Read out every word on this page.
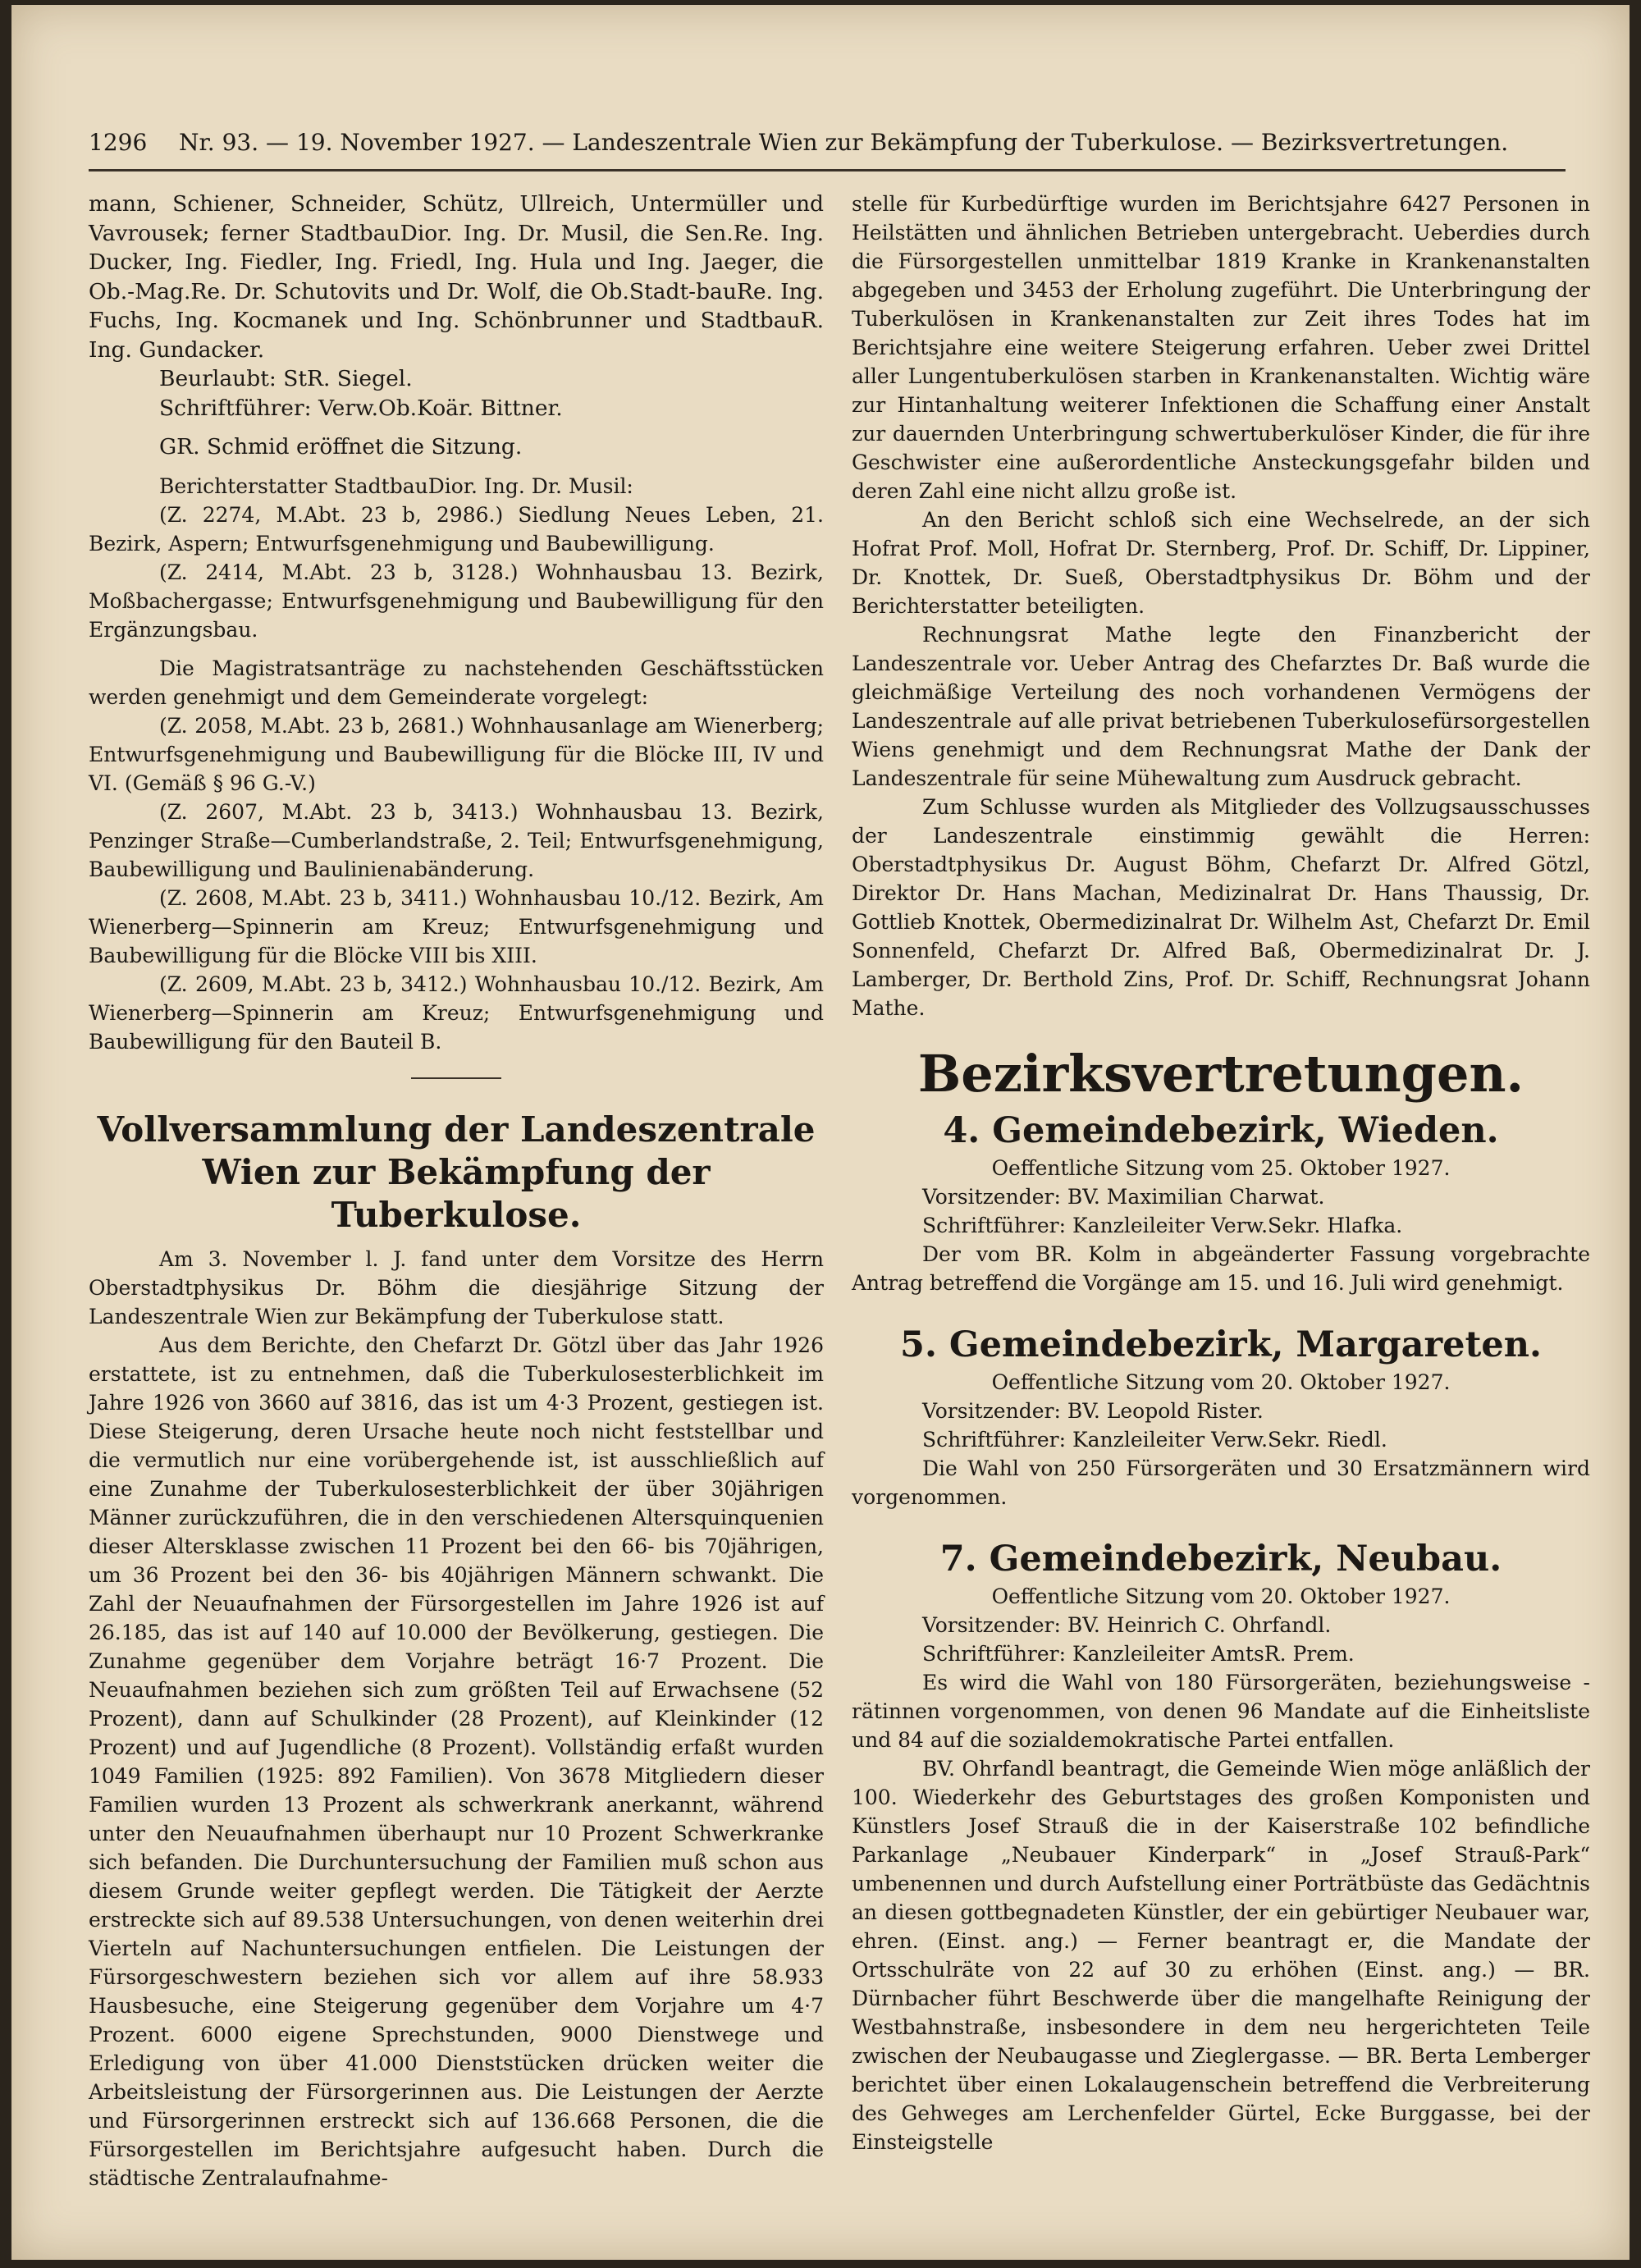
1296 Nr. 93. — 19. November 1927. — Landeszentrale Wien zur Bekämpfung der Tuberkulose. — Bezirksvertretungen.

mann, Schiener, Schneider, Schütz, Ullreich, Untermüller und Vavrousek; ferner StadtbauDior. Ing. Dr. Musil, die Sen.Re. Ing. Ducker, Ing. Fiedler, Ing. Friedl, Ing. Hula und Ing. Jaeger, die Ob.-Mag.Re. Dr. Schutovits und Dr. Wolf, die Ob.Stadt-bauRe. Ing. Fuchs, Ing. Kocmanek und Ing. Schönbrunner und StadtbauR. Ing. Gundacker.

Beurlaubt: StR. Siegel.

Schriftführer: Verw.Ob.Koär. Bittner.

GR. Schmid eröffnet die Sitzung.

Berichterstatter StadtbauDior. Ing. Dr. Musil:

(Z. 2274, M.Abt. 23 b, 2986.) Siedlung Neues Leben, 21. Bezirk, Aspern; Entwurfsgenehmigung und Baubewilligung.

(Z. 2414, M.Abt. 23 b, 3128.) Wohnhausbau 13. Bezirk, Moßbachergasse; Entwurfsgenehmigung und Baubewilligung für den Ergänzungsbau.

Die Magistratsanträge zu nachstehenden Geschäftsstücken werden genehmigt und dem Gemeinderate vorgelegt:

(Z. 2058, M.Abt. 23 b, 2681.) Wohnhausanlage am Wienerberg; Entwurfsgenehmigung und Baubewilligung für die Blöcke III, IV und VI. (Gemäß § 96 G.-V.)

(Z. 2607, M.Abt. 23 b, 3413.) Wohnhausbau 13. Bezirk, Penzinger Straße—Cumberlandstraße, 2. Teil; Entwurfsgenehmigung, Baubewilligung und Baulinienabänderung.

(Z. 2608, M.Abt. 23 b, 3411.) Wohnhausbau 10./12. Bezirk, Am Wienerberg—Spinnerin am Kreuz; Entwurfsgenehmigung und Baubewilligung für die Blöcke VIII bis XIII.

(Z. 2609, M.Abt. 23 b, 3412.) Wohnhausbau 10./12. Bezirk, Am Wienerberg—Spinnerin am Kreuz; Entwurfsgenehmigung und Baubewilligung für den Bauteil B.

Vollversammlung der Landeszentrale Wien zur Bekämpfung der Tuberkulose.

Am 3. November l. J. fand unter dem Vorsitze des Herrn Oberstadtphysikus Dr. Böhm die diesjährige Sitzung der Landeszentrale Wien zur Bekämpfung der Tuberkulose statt.

Aus dem Berichte, den Chefarzt Dr. Götzl über das Jahr 1926 erstattete, ist zu entnehmen, daß die Tuberkulosesterblichkeit im Jahre 1926 von 3660 auf 3816, das ist um 4·3 Prozent, gestiegen ist. Diese Steigerung, deren Ursache heute noch nicht feststellbar und die vermutlich nur eine vorübergehende ist, ist ausschließlich auf eine Zunahme der Tuberkulosesterblichkeit der über 30jährigen Männer zurückzuführen, die in den verschiedenen Altersquinquenien dieser Altersklasse zwischen 11 Prozent bei den 66- bis 70jährigen, um 36 Prozent bei den 36- bis 40jährigen Männern schwankt. Die Zahl der Neuaufnahmen der Fürsorgestellen im Jahre 1926 ist auf 26.185, das ist auf 140 auf 10.000 der Bevölkerung, gestiegen. Die Zunahme gegenüber dem Vorjahre beträgt 16·7 Prozent. Die Neuaufnahmen beziehen sich zum größten Teil auf Erwachsene (52 Prozent), dann auf Schulkinder (28 Prozent), auf Kleinkinder (12 Prozent) und auf Jugendliche (8 Prozent). Vollständig erfaßt wurden 1049 Familien (1925: 892 Familien). Von 3678 Mitgliedern dieser Familien wurden 13 Prozent als schwerkrank anerkannt, während unter den Neuaufnahmen überhaupt nur 10 Prozent Schwerkranke sich befanden. Die Durchuntersuchung der Familien muß schon aus diesem Grunde weiter gepflegt werden. Die Tätigkeit der Aerzte erstreckte sich auf 89.538 Untersuchungen, von denen weiterhin drei Vierteln auf Nachuntersuchungen entfielen. Die Leistungen der Fürsorgeschwestern beziehen sich vor allem auf ihre 58.933 Hausbesuche, eine Steigerung gegenüber dem Vorjahre um 4·7 Prozent. 6000 eigene Sprechstunden, 9000 Dienstwege und Erledigung von über 41.000 Dienststücken drücken weiter die Arbeitsleistung der Fürsorgerinnen aus. Die Leistungen der Aerzte und Fürsorgerinnen erstreckt sich auf 136.668 Personen, die die Fürsorgestellen im Berichtsjahre aufgesucht haben. Durch die städtische Zentralaufnahme-

stelle für Kurbedürftige wurden im Berichtsjahre 6427 Personen in Heilstätten und ähnlichen Betrieben untergebracht. Ueberdies durch die Fürsorgestellen unmittelbar 1819 Kranke in Krankenanstalten abgegeben und 3453 der Erholung zugeführt. Die Unterbringung der Tuberkulösen in Krankenanstalten zur Zeit ihres Todes hat im Berichtsjahre eine weitere Steigerung erfahren. Ueber zwei Drittel aller Lungentuberkulösen starben in Krankenanstalten. Wichtig wäre zur Hintanhaltung weiterer Infektionen die Schaffung einer Anstalt zur dauernden Unterbringung schwertuberkulöser Kinder, die für ihre Geschwister eine außerordentliche Ansteckungsgefahr bilden und deren Zahl eine nicht allzu große ist.

An den Bericht schloß sich eine Wechselrede, an der sich Hofrat Prof. Moll, Hofrat Dr. Sternberg, Prof. Dr. Schiff, Dr. Lippiner, Dr. Knottek, Dr. Sueß, Oberstadtphysikus Dr. Böhm und der Berichterstatter beteiligten.

Rechnungsrat Mathe legte den Finanzbericht der Landeszentrale vor. Ueber Antrag des Chefarztes Dr. Baß wurde die gleichmäßige Verteilung des noch vorhandenen Vermögens der Landeszentrale auf alle privat betriebenen Tuberkulosefürsorgestellen Wiens genehmigt und dem Rechnungsrat Mathe der Dank der Landeszentrale für seine Mühewaltung zum Ausdruck gebracht.

Zum Schlusse wurden als Mitglieder des Vollzugsausschusses der Landeszentrale einstimmig gewählt die Herren: Oberstadtphysikus Dr. August Böhm, Chefarzt Dr. Alfred Götzl, Direktor Dr. Hans Machan, Medizinalrat Dr. Hans Thaussig, Dr. Gottlieb Knottek, Obermedizinalrat Dr. Wilhelm Ast, Chefarzt Dr. Emil Sonnenfeld, Chefarzt Dr. Alfred Baß, Obermedizinalrat Dr. J. Lamberger, Dr. Berthold Zins, Prof. Dr. Schiff, Rechnungsrat Johann Mathe.

Bezirksvertretungen.
4. Gemeindebezirk, Wieden.

Oeffentliche Sitzung vom 25. Oktober 1927.

Vorsitzender: BV. Maximilian Charwat.

Schriftführer: Kanzleileiter Verw.Sekr. Hlafka.

Der vom BR. Kolm in abgeänderter Fassung vorgebrachte Antrag betreffend die Vorgänge am 15. und 16. Juli wird genehmigt.

5. Gemeindebezirk, Margareten.

Oeffentliche Sitzung vom 20. Oktober 1927.

Vorsitzender: BV. Leopold Rister.

Schriftführer: Kanzleileiter Verw.Sekr. Riedl.

Die Wahl von 250 Fürsorgeräten und 30 Ersatzmännern wird vorgenommen.

7. Gemeindebezirk, Neubau.

Oeffentliche Sitzung vom 20. Oktober 1927.

Vorsitzender: BV. Heinrich C. Ohrfandl.

Schriftführer: Kanzleileiter AmtsR. Prem.

Es wird die Wahl von 180 Fürsorgeräten, beziehungsweise -rätinnen vorgenommen, von denen 96 Mandate auf die Einheitsliste und 84 auf die sozialdemokratische Partei entfallen.

BV. Ohrfandl beantragt, die Gemeinde Wien möge anläßlich der 100. Wiederkehr des Geburtstages des großen Komponisten und Künstlers Josef Strauß die in der Kaiserstraße 102 befindliche Parkanlage „Neubauer Kinderpark“ in „Josef Strauß-Park“ umbenennen und durch Aufstellung einer Porträtbüste das Gedächtnis an diesen gottbegnadeten Künstler, der ein gebürtiger Neubauer war, ehren. (Einst. ang.) — Ferner beantragt er, die Mandate der Ortsschulräte von 22 auf 30 zu erhöhen (Einst. ang.) — BR. Dürnbacher führt Beschwerde über die mangelhafte Reinigung der Westbahnstraße, insbesondere in dem neu hergerichteten Teile zwischen der Neubaugasse und Zieglergasse. — BR. Berta Lemberger berichtet über einen Lokalaugenschein betreffend die Verbreiterung des Gehweges am Lerchenfelder Gürtel, Ecke Burggasse, bei der Einsteigstelle
